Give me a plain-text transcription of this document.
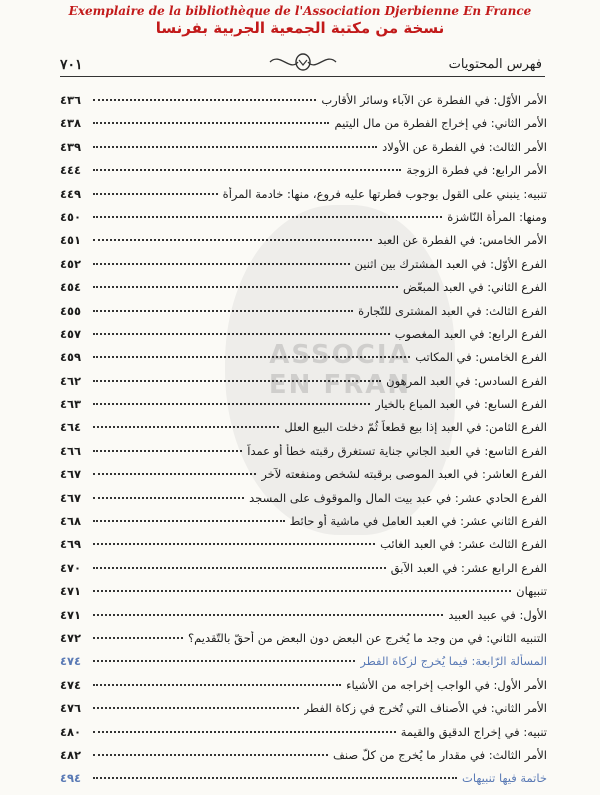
ASSOCIA
EN FRAN
Exemplaire de la bibliothèque de l'Association Djerbienne En France
نسخة من مكتبة الجمعية الجربية بفرنسا
٧٠١	فهرس المحتويات
الأمر الأوّل: في الفطرة عن الآباء وسائر الأقارب
٤٣٦
الأمر الثاني: في إخراج الفطرة من مال اليتيم
٤٣٨
الأمر الثالث: في الفطرة عن الأولاد
٤٣٩
الأمر الرابع: في فطرة الزوجة
٤٤٤
تنبيه: ينبني على القول بوجوب فطرتها عليه فروع، منها: خادمة المرأة
٤٤٩
ومنها: المرأة النّاشزة
٤٥٠
الأمر الخامس: في الفطرة عن العبد
٤٥١
الفرع الأوّل: في العبد المشترك بين اثنين
٤٥٢
الفرع الثاني: في العبد المبعّض
٤٥٤
الفرع الثالث: في العبد المشترى للتّجارة
٤٥٥
الفرع الرابع: في العبد المغصوب
٤٥٧
الفرع الخامس: في المكاتب
٤٥٩
الفرع السادس: في العبد المرهون
٤٦٢
الفرع السابع: في العبد المباع بالخيار
٤٦٣
الفرع الثامن: في العبد إذا بيع قطعاً ثُمّ دخلت البيع العلل
٤٦٤
الفرع التاسع: في العبد الجاني جناية تستغرق رقبته خطأ أو عمداً
٤٦٦
الفرع العاشر: في العبد الموصى برقبته لشخص ومنفعته لآخر
٤٦٧
الفرع الحادي عشر: في عبد بيت المال والموقوف على المسجد
٤٦٧
الفرع الثاني عشر: في العبد العامل في ماشية أو حائط
٤٦٨
الفرع الثالث عشر: في العبد الغائب
٤٦٩
الفرع الرابع عشر: في العبد الآبق
٤٧٠
تنبيهان
٤٧١
الأول: في عبيد العبيد
٤٧١
التنبيه الثاني: في من وجد ما يُخرج عن البعض دون البعض من أحقّ بالتّقديم؟
٤٧٢
المسألة الرّابعة: فيما يُخرج لزكاة الفطر
٤٧٤
الأمر الأول: في الواجب إخراجه من الأشياء
٤٧٤
الأمر الثاني: في الأصناف التي تُخرج في زكاة الفطر
٤٧٦
تنبيه: في إخراج الدقيق والقيمة
٤٨٠
الأمر الثالث: في مقدار ما يُخرج من كلّ صنف
٤٨٢
خاتمة فيها تنبيهات
٤٩٤
